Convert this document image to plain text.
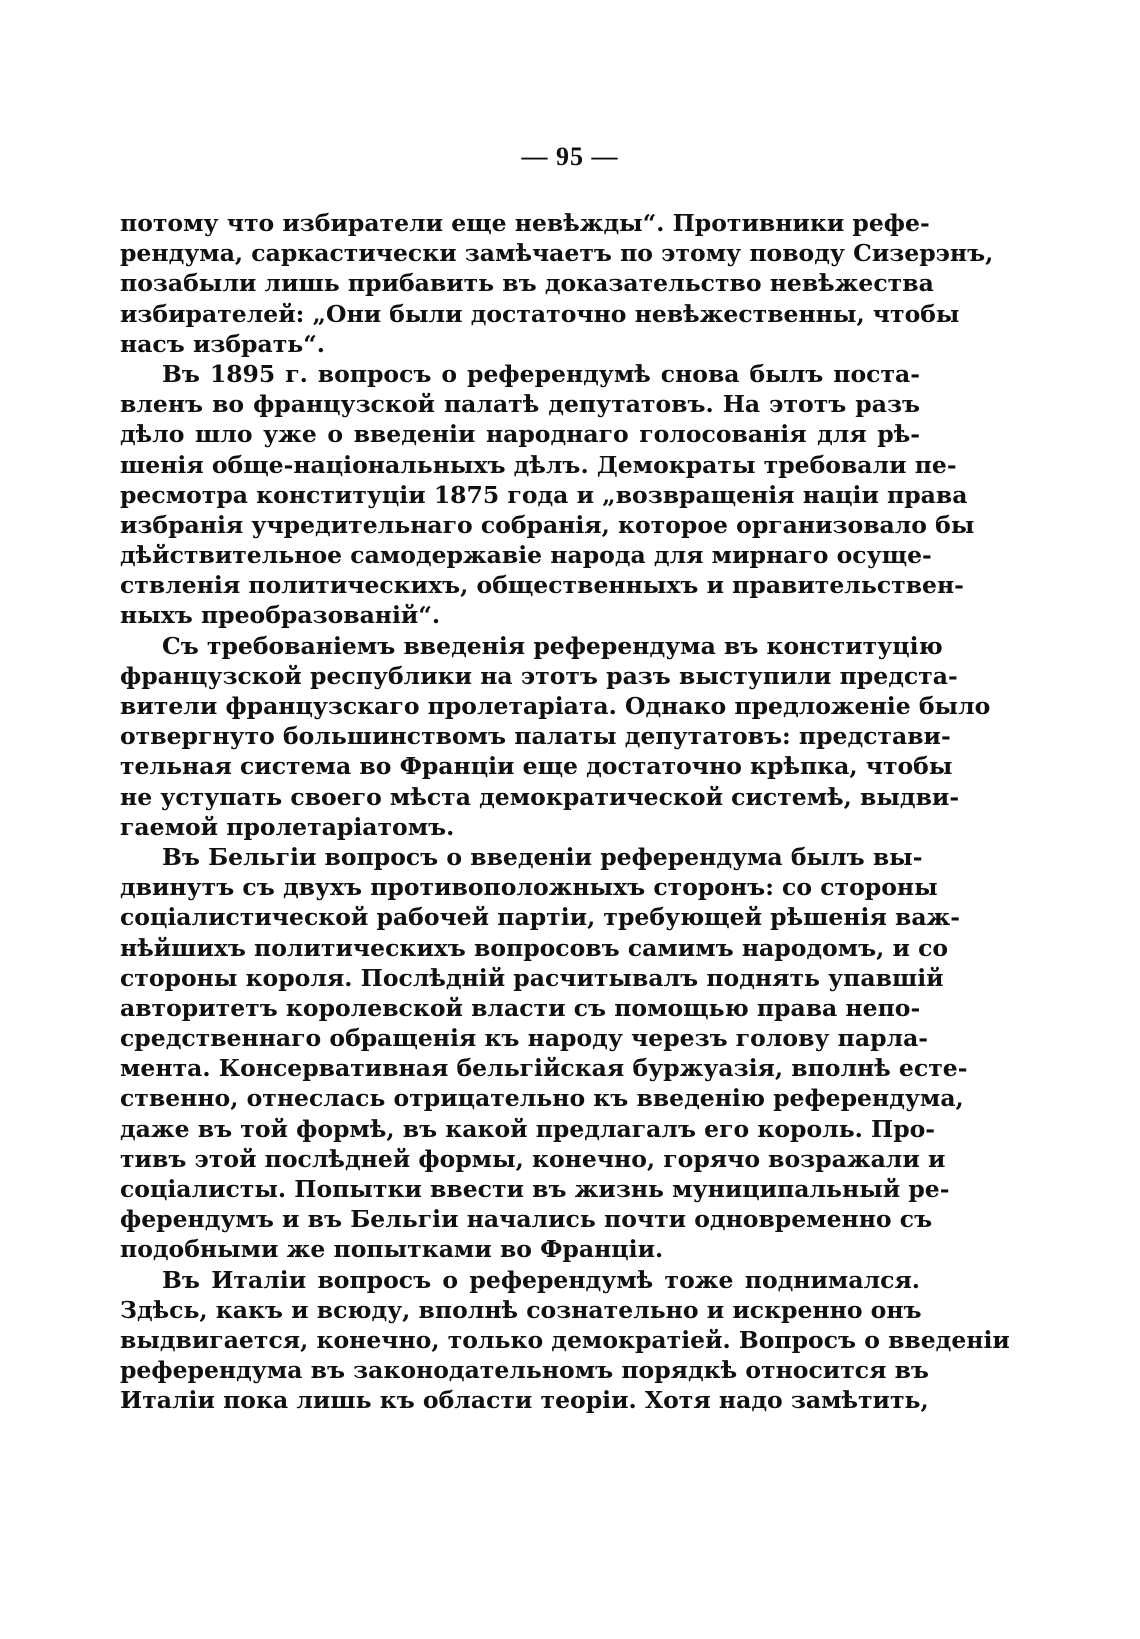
— 95 —
потому что избиратели еще невѣжды“. Противники рефе-
рендума, саркастически замѣчаетъ по этому поводу Сизерэнъ,
позабыли лишь прибавить въ доказательство невѣжества
избирателей: „Они были достаточно невѣжественны, чтобы
насъ избрать“.
Въ 1895 г. вопросъ о референдумѣ снова былъ поста-
вленъ во французской палатѣ депутатовъ. На этотъ разъ
дѣло шло уже о введеніи народнаго голосованія для рѣ-
шенія обще-національныхъ дѣлъ. Демократы требовали пе-
ресмотра конституціи 1875 года и „возвращенія націи права
избранія учредительнаго собранія, которое организовало бы
дѣйствительное самодержавіе народа для мирнаго осуще-
ствленія политическихъ, общественныхъ и правительствен-
ныхъ преобразованій“.
Съ требованіемъ введенія референдума въ конституцію
французской республики на этотъ разъ выступили предста-
вители французскаго пролетаріата. Однако предложеніе было
отвергнуто большинствомъ палаты депутатовъ: представи-
тельная система во Франціи еще достаточно крѣпка, чтобы
не уступать своего мѣста демократической системѣ, выдви-
гаемой пролетаріатомъ.
Въ Бельгіи вопросъ о введеніи референдума былъ вы-
двинутъ съ двухъ противоположныхъ сторонъ: со стороны
соціалистической рабочей партіи, требующей рѣшенія важ-
нѣйшихъ политическихъ вопросовъ самимъ народомъ, и со
стороны короля. Послѣдній расчитывалъ поднять упавшій
авторитетъ королевской власти съ помощью права непо-
средственнаго обращенія къ народу черезъ голову парла-
мента. Консервативная бельгійская буржуазія, вполнѣ есте-
ственно, отнеслась отрицательно къ введенію референдума,
даже въ той формѣ, въ какой предлагалъ его король. Про-
тивъ этой послѣдней формы, конечно, горячо возражали и
соціалисты. Попытки ввести въ жизнь муниципальный ре-
ферендумъ и въ Бельгіи начались почти одновременно съ
подобными же попытками во Франціи.
Въ Италіи вопросъ о референдумѣ тоже поднимался.
Здѣсь, какъ и всюду, вполнѣ сознательно и искренно онъ
выдвигается, конечно, только демократіей. Вопросъ о введеніи
референдума въ законодательномъ порядкѣ относится въ
Италіи пока лишь къ области теоріи. Хотя надо замѣтить,
